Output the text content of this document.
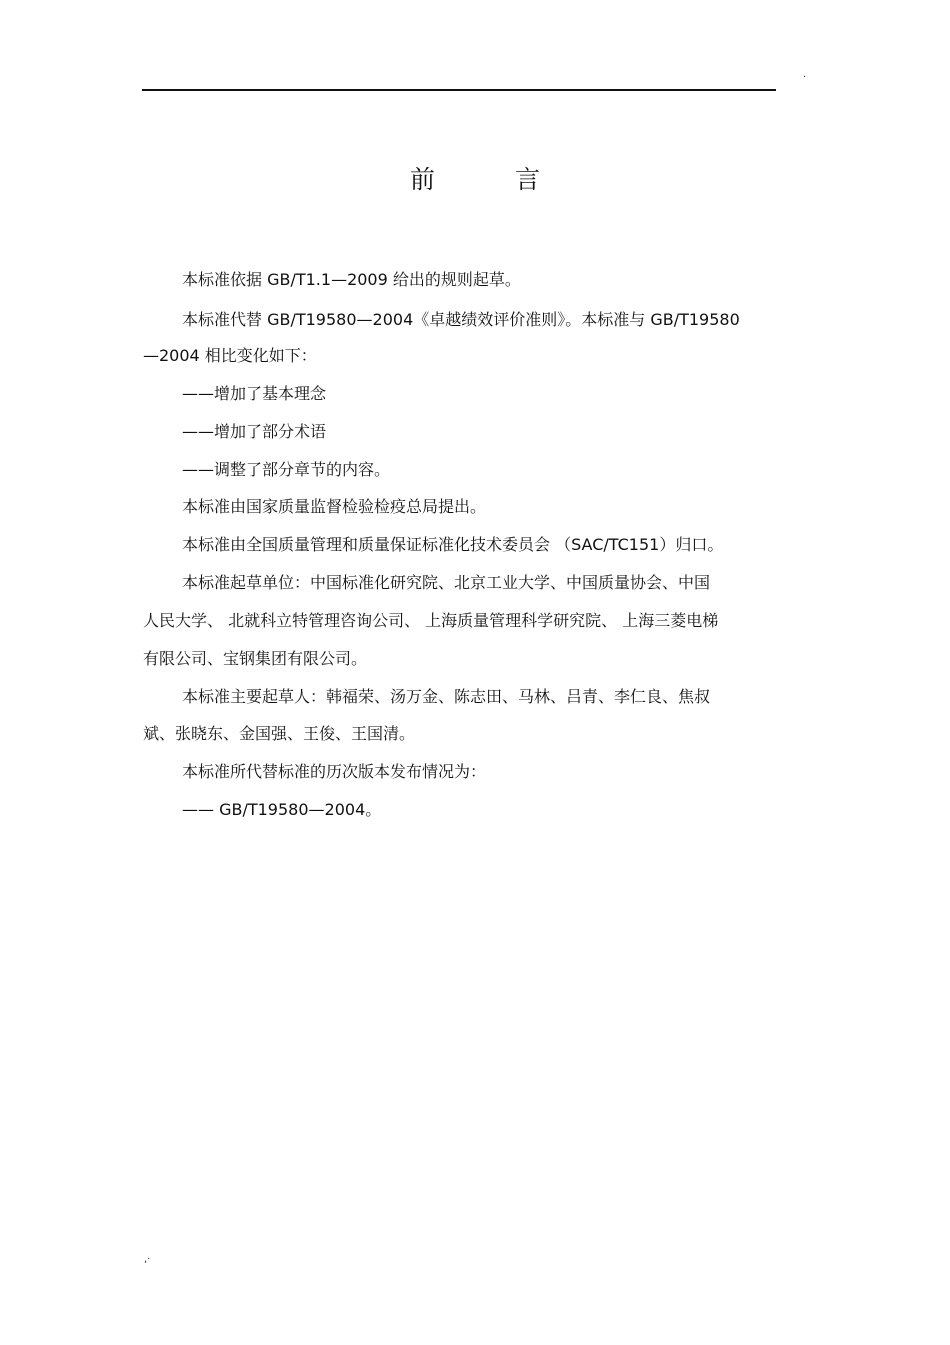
·
前 言
本标准依据 GB/T1.1—2009 给出的规则起草。
本标准代替 GB/T19580—2004《卓越绩效评价准则》。本标准与 GB/T19580
—2004 相比变化如下：
——增加了基本理念
——增加了部分术语
——调整了部分章节的内容。
本标准由国家质量监督检验检疫总局提出。
本标准由全国质量管理和质量保证标准化技术委员会 （SAC/TC151）归口。
本标准起草单位：中国标准化研究院、北京工业大学、中国质量协会、中国
人民大学、 北就科立特管理咨询公司、 上海质量管理科学研究院、 上海三菱电梯
有限公司、宝钢集团有限公司。
本标准主要起草人：韩福荣、汤万金、陈志田、马林、吕青、李仁良、焦叔
斌、张晓东、金国强、王俊、王国清。
本标准所代替标准的历次版本发布情况为：
—— GB/T19580—2004。
,·
